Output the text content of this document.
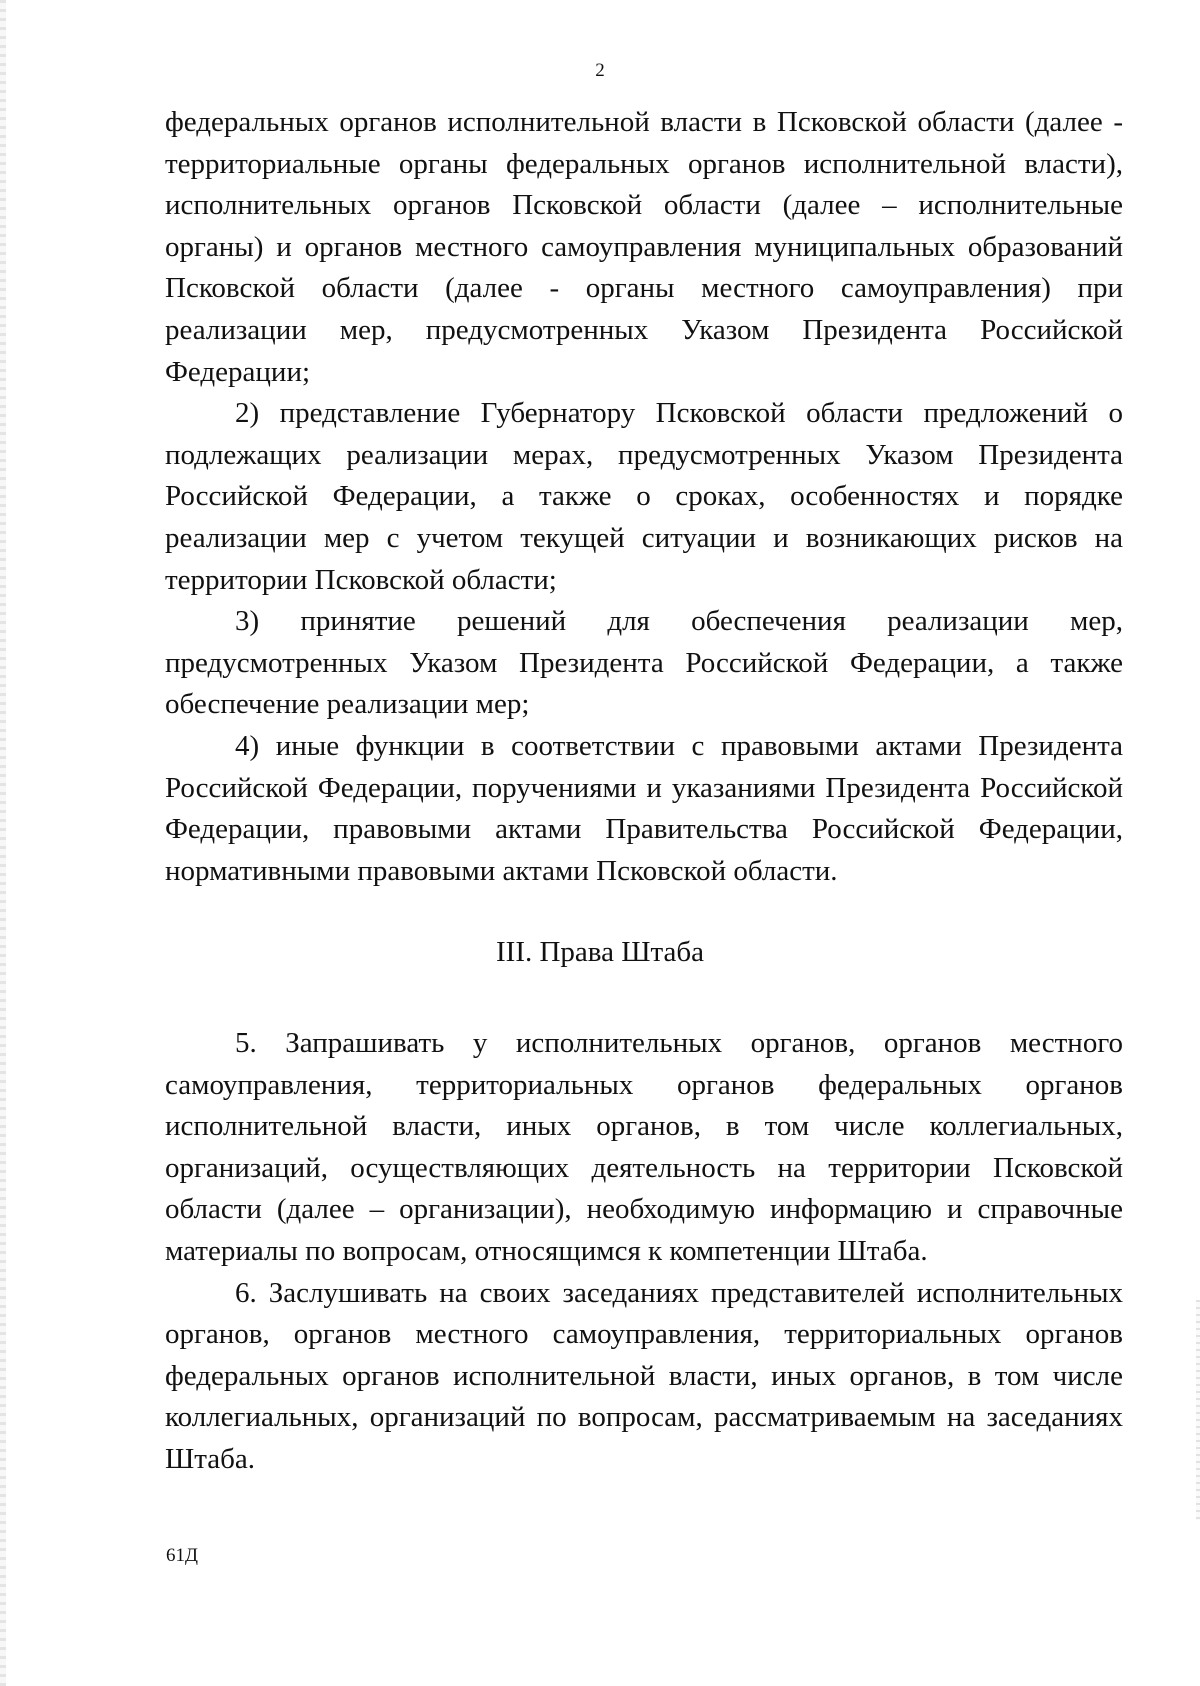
2

федеральных органов исполнительной власти в Псковской области (далее - территориальные органы федеральных органов исполнительной власти), исполнительных органов Псковской области (далее – исполнительные органы) и органов местного самоуправления муниципальных образований Псковской области (далее - органы местного самоуправления) при реализации мер, предусмотренных Указом Президента Российской Федерации;

2) представление Губернатору Псковской области предложений о подлежащих реализации мерах, предусмотренных Указом Президента Российской Федерации, а также о сроках, особенностях и порядке реализации мер с учетом текущей ситуации и возникающих рисков на территории Псковской области;

3) принятие решений для обеспечения реализации мер, предусмотренных Указом Президента Российской Федерации, а также обеспечение реализации мер;

4) иные функции в соответствии с правовыми актами Президента Российской Федерации, поручениями и указаниями Президента Российской Федерации, правовыми актами Правительства Российской Федерации, нормативными правовыми актами Псковской области.

III. Права Штаба

5. Запрашивать у исполнительных органов, органов местного самоуправления, территориальных органов федеральных органов исполнительной власти, иных органов, в том числе коллегиальных, организаций, осуществляющих деятельность на территории Псковской области (далее – организации), необходимую информацию и справочные материалы по вопросам, относящимся к компетенции Штаба.

6. Заслушивать на своих заседаниях представителей исполнительных органов, органов местного самоуправления, территориальных органов федеральных органов исполнительной власти, иных органов, в том числе коллегиальных, организаций по вопросам, рассматриваемым на заседаниях Штаба.

61Д
